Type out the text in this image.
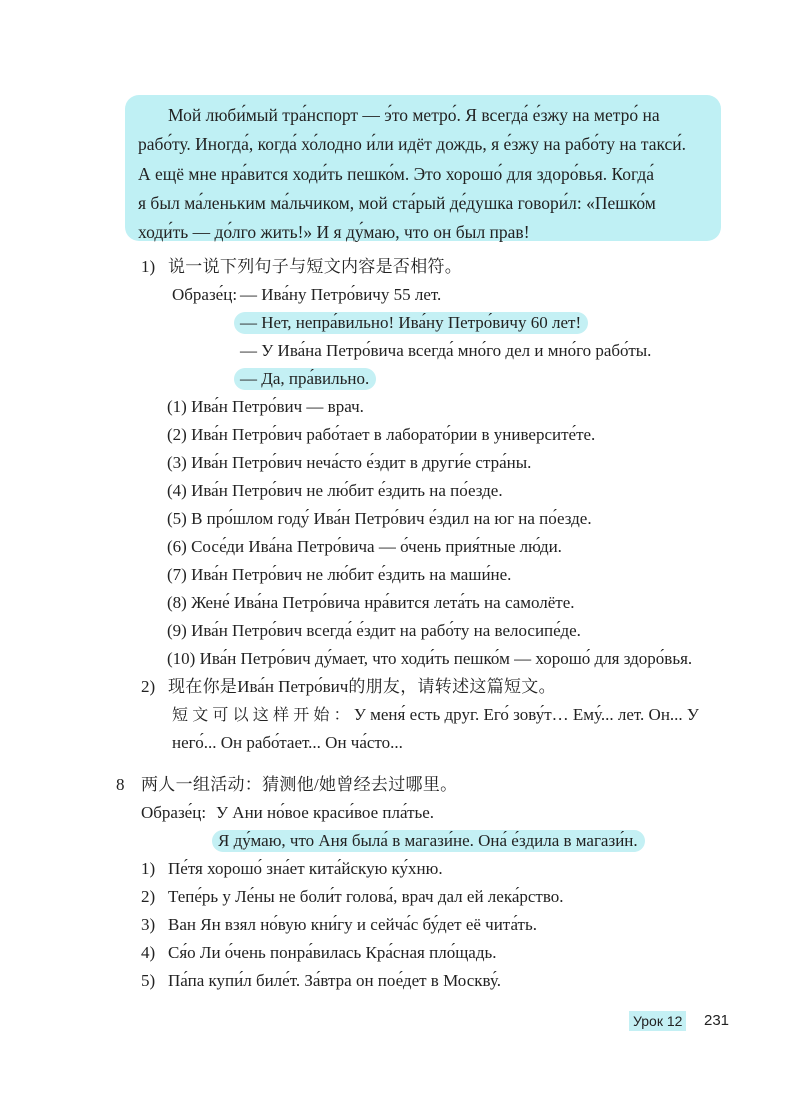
Мой люби́мый тра́нспорт — э́то метро́. Я всегда́ е́зжу на метро́ на

рабо́ту. Иногда́, когда́ хо́лодно и́ли идёт дождь, я е́зжу на рабо́ту на такси́.

А ещё мне нра́вится ходи́ть пешко́м. Это хорошо́ для здоро́вья. Когда́

я был ма́леньким ма́льчиком, мой ста́рый де́душка говори́л: «Пешко́м

ходи́ть — до́лго жить!» И я ду́маю, что он был прав!

1) 说一说下列句子与短文内容是否相符。
Образе́ц: — Ива́ну Петро́вичу 55 лет.
— Нет, непра́вильно! Ива́ну Петро́вичу 60 лет!
— У Ива́на Петро́вича всегда́ мно́го дел и мно́го рабо́ты.
— Да, пра́вильно.
(1) Ива́н Петро́вич — врач.
(2) Ива́н Петро́вич рабо́тает в лаборато́рии в университе́те.
(3) Ива́н Петро́вич неча́сто е́здит в други́е стра́ны.
(4) Ива́н Петро́вич не лю́бит е́здить на по́езде.
(5) В про́шлом году́ Ива́н Петро́вич е́здил на юг на по́езде.
(6) Сосе́ди Ива́на Петро́вича — о́чень прия́тные лю́ди.
(7) Ива́н Петро́вич не лю́бит е́здить на маши́не.
(8) Жене́ Ива́на Петро́вича нра́вится лета́ть на самолёте.
(9) Ива́н Петро́вич всегда́ е́здит на рабо́ту на велосипе́де.
(10) Ива́н Петро́вич ду́мает, что ходи́ть пешко́м — хорошо́ для здоро́вья.
2) 现在你是Ива́н Петро́вич的朋友，请转述这篇短文。
短文可以这样开始：У меня́ есть друг. Его́ зову́т… Ему́... лет. Он... У
него́... Он рабо́тает... Он ча́сто...
8 两人一组活动：猜测他/她曾经去过哪里。
Образе́ц: У Ани но́вое краси́вое пла́тье.
Я ду́маю, что Аня была́ в магази́не. Она́ е́здила в магази́н.
1) Пе́тя хорошо́ зна́ет кита́йскую ку́хню.
2) Тепе́рь у Ле́ны не боли́т голова́, врач дал ей лека́рство.
3) Ван Ян взял но́вую кни́гу и сейча́с бу́дет её чита́ть.
4) Ся́о Ли о́чень понра́вилась Кра́сная пло́щадь.
5) Па́па купи́л биле́т. За́втра он пое́дет в Москву́.
Урок 12 231
